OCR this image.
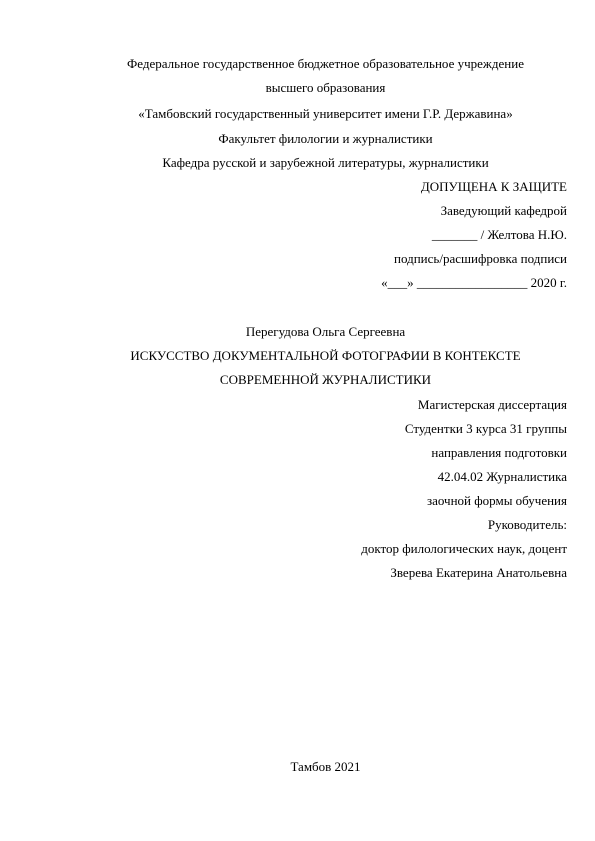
Федеральное государственное бюджетное образовательное учреждение
высшего образования
«Тамбовский государственный университет имени Г.Р. Державина»
Факультет филологии и журналистики
Кафедра русской и зарубежной литературы, журналистики
ДОПУЩЕНА К ЗАЩИТЕ
Заведующий кафедрой
_______ / Желтова Н.Ю.
подпись/расшифровка подписи
«___» _________________ 2020 г.
Перегудова Ольга Сергеевна
ИСКУССТВО ДОКУМЕНТАЛЬНОЙ ФОТОГРАФИИ В КОНТЕКСТЕ
СОВРЕМЕННОЙ ЖУРНАЛИСТИКИ
Магистерская диссертация
Студентки 3 курса 31 группы
направления подготовки
42.04.02 Журналистика
заочной формы обучения
Руководитель:
доктор филологических наук, доцент
Зверева Екатерина Анатольевна
Тамбов 2021
